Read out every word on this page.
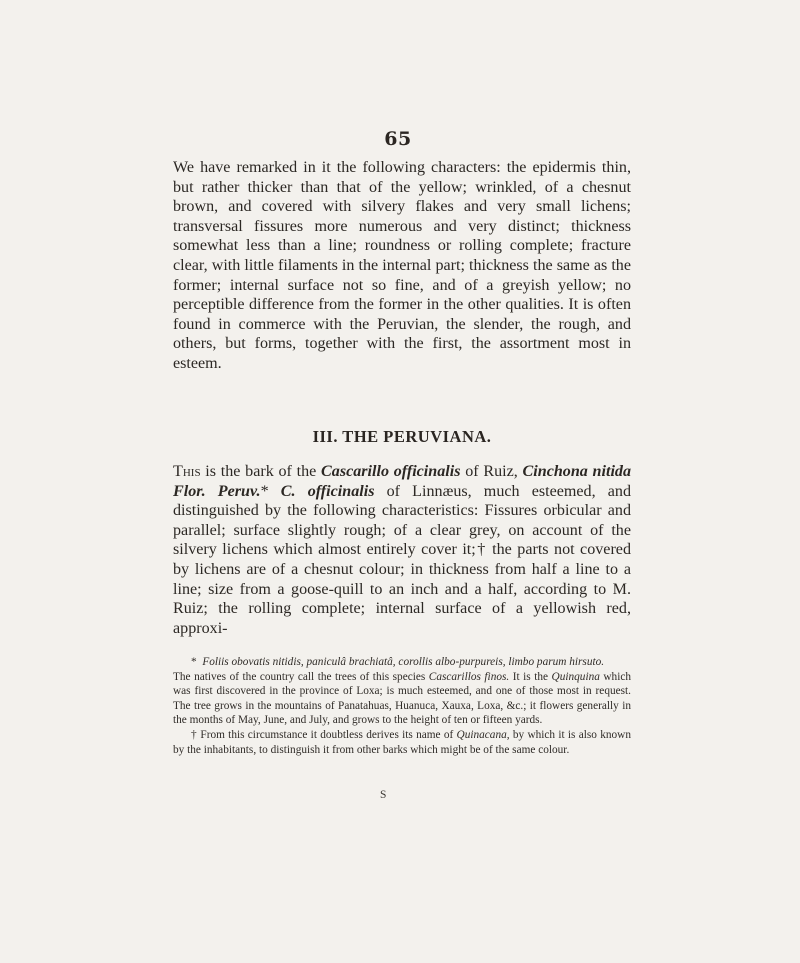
65

We have remarked in it the following characters: the epidermis thin, but rather thicker than that of the yellow; wrinkled, of a chesnut brown, and covered with silvery flakes and very small lichens; transversal fissures more numerous and very distinct; thickness somewhat less than a line; roundness or rolling complete; fracture clear, with little filaments in the internal part; thickness the same as the former; internal surface not so fine, and of a greyish yellow; no perceptible difference from the former in the other qualities. It is often found in commerce with the Peruvian, the slender, the rough, and others, but forms, together with the first, the assortment most in esteem.

III. THE PERUVIANA.

This is the bark of the Cascarillo officinalis of Ruiz, Cinchona nitida Flor. Peruv.* C. officinalis of Linnæus, much esteemed, and distinguished by the following characteristics: Fissures orbicular and parallel; surface slightly rough; of a clear grey, on account of the silvery lichens which almost entirely cover it;† the parts not covered by lichens are of a chesnut colour; in thickness from half a line to a line; size from a goose-quill to an inch and a half, according to M. Ruiz; the rolling complete; internal surface of a yellowish red, approxi-

* Foliis obovatis nitidis, paniculâ brachiatâ, corollis albo-purpureis, limbo parum hirsuto.

The natives of the country call the trees of this species Cascarillos finos. It is the Quinquina which was first discovered in the province of Loxa; is much esteemed, and one of those most in request. The tree grows in the mountains of Panatahuas, Huanuca, Xauxa, Loxa, &c.; it flowers generally in the months of May, June, and July, and grows to the height of ten or fifteen yards.

† From this circumstance it doubtless derives its name of Quinacana, by which it is also known by the inhabitants, to distinguish it from other barks which might be of the same colour.

S
